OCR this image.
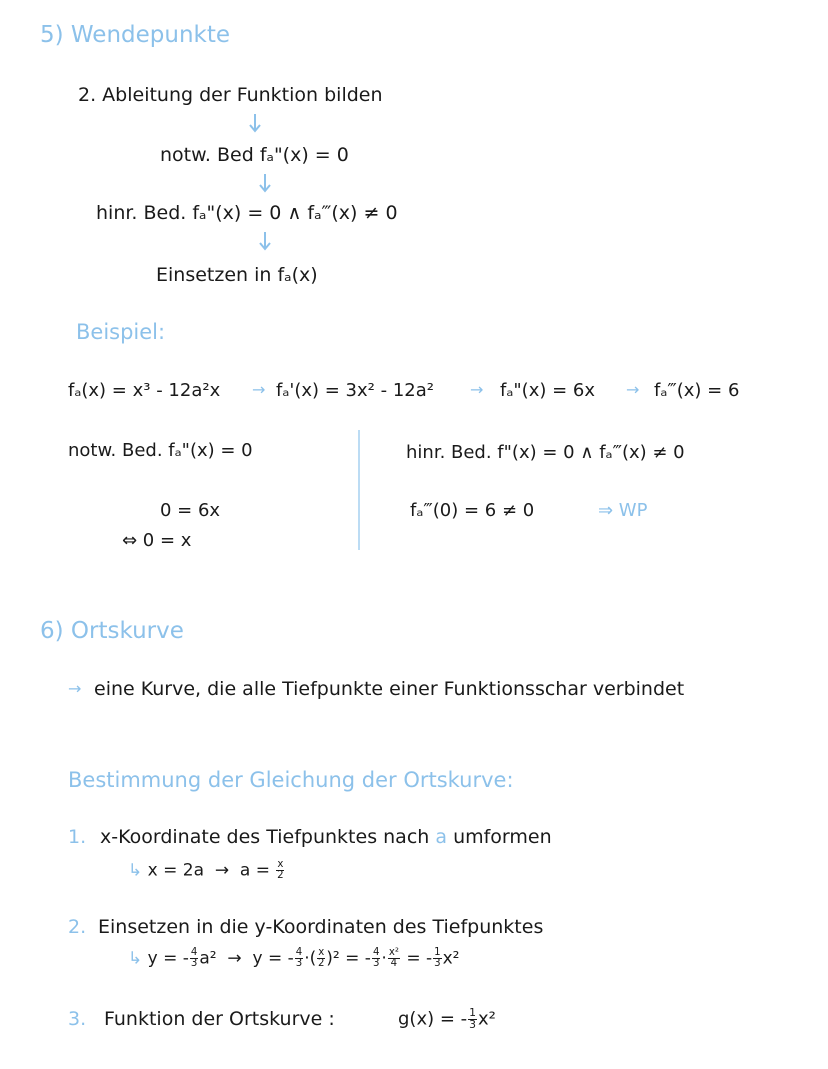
5) Wendepunkte
2. Ableitung der Funktion bilden
notw. Bed fₐ"(x) = 0
hinr. Bed. fₐ"(x) = 0 ∧ fₐ‴(x) ≠ 0
Einsetzen in fₐ(x)
Beispiel:
fₐ(x) = x³ - 12a²x → fₐ'(x) = 3x² - 12a² → fₐ"(x) = 6x → fₐ‴(x) = 6
notw. Bed. fₐ"(x) = 0
0 = 6x
⇔ 0 = x
hinr. Bed. f"(x) = 0 ∧ fₐ‴(x) ≠ 0
fₐ‴(0) = 6 ≠ 0	⇒ WP
6) Ortskurve
→ eine Kurve, die alle Tiefpunkte einer Funktionsschar verbindet
Bestimmung der Gleichung der Ortskurve:
1. x-Koordinate des Tiefpunktes nach a umformen
↳ $x = 2a \to a = \frac{x}{2}$
2. Einsetzen in die y-Koordinaten des Tiefpunktes
↳ y = - $\frac{4}{3} a^2 \to y$ = - $\frac{4}{3}$ ·( $\frac{x}{2} )^2$ = - $\frac{4}{3} \cdot \frac{\text{x²}}{4}$ = - $\frac{1}{3} x^2$
3. Funktion der Ortskurve :	g(x) = - $\frac{1}{3} x^2$
